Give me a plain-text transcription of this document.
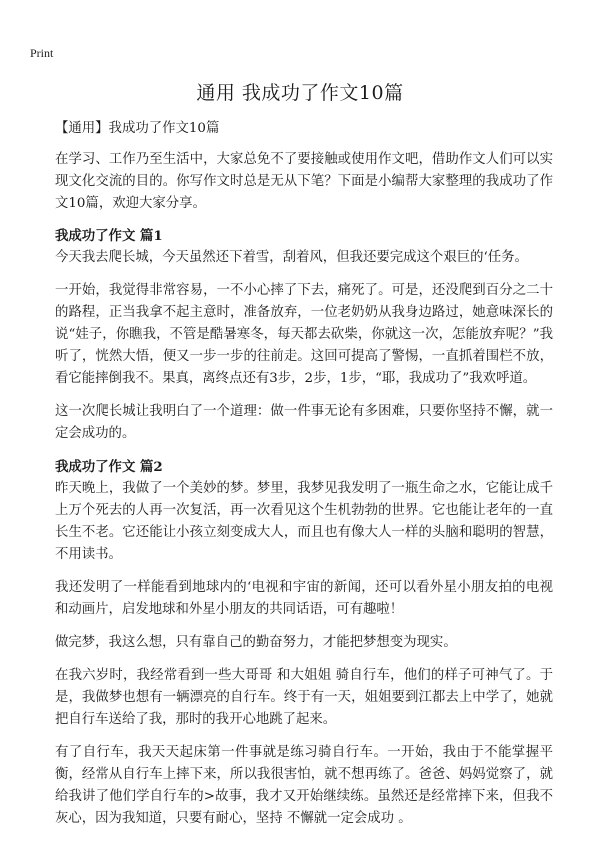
Print
通用 我成功了作文10篇

【通用】我成功了作文10篇

在学习、工作乃至生活中，大家总免不了要接触或使用作文吧，借助作文人们可以实现文化交流的目的。你写作文时总是无从下笔？下面是小编帮大家整理的我成功了作文10篇，欢迎大家分享。

我成功了作文 篇1

今天我去爬长城，今天虽然还下着雪，刮着风，但我还要完成这个艰巨的‘任务。

一开始，我觉得非常容易，一不小心摔了下去，痛死了。可是，还没爬到百分之二十的路程，正当我拿不起主意时，准备放弃，一位老奶奶从我身边路过，她意味深长的说“娃子，你瞧我，不管是酷暑寒冬，每天都去砍柴，你就这一次，怎能放弃呢？”我听了，恍然大悟，便又一步一步的往前走。这回可提高了警惕，一直抓着围栏不放，看它能摔倒我不。果真，离终点还有3步，2步，1步，“耶，我成功了”我欢呼道。

这一次爬长城让我明白了一个道理：做一件事无论有多困难，只要你坚持不懈，就一定会成功的。

我成功了作文 篇2

昨天晚上，我做了一个美妙的梦。梦里，我梦见我发明了一瓶生命之水，它能让成千上万个死去的人再一次复活，再一次看见这个生机勃勃的世界。它也能让老年的一直长生不老。它还能让小孩立刻变成大人，而且也有像大人一样的头脑和聪明的智慧，不用读书。

我还发明了一样能看到地球内的‘电视和宇宙的新闻，还可以看外星小朋友拍的电视和动画片，启发地球和外星小朋友的共同话语，可有趣啦！

做完梦，我这么想，只有靠自己的勤奋努力，才能把梦想变为现实。

在我六岁时，我经常看到一些大哥哥 和大姐姐 骑自行车，他们的样子可神气了。于是，我做梦也想有一辆漂亮的自行车。终于有一天，姐姐要到江都去上中学了，她就把自行车送给了我，那时的我开心地跳了起来。

有了自行车，我天天起床第一件事就是练习骑自行车。一开始，我由于不能掌握平衡，经常从自行车上摔下来，所以我很害怕，就不想再练了。爸爸、妈妈觉察了，就给我讲了他们学自行车的>故事，我才又开始继续练。虽然还是经常摔下来，但我不灰心，因为我知道，只要有耐心，坚持 不懈就一定会成功 。
